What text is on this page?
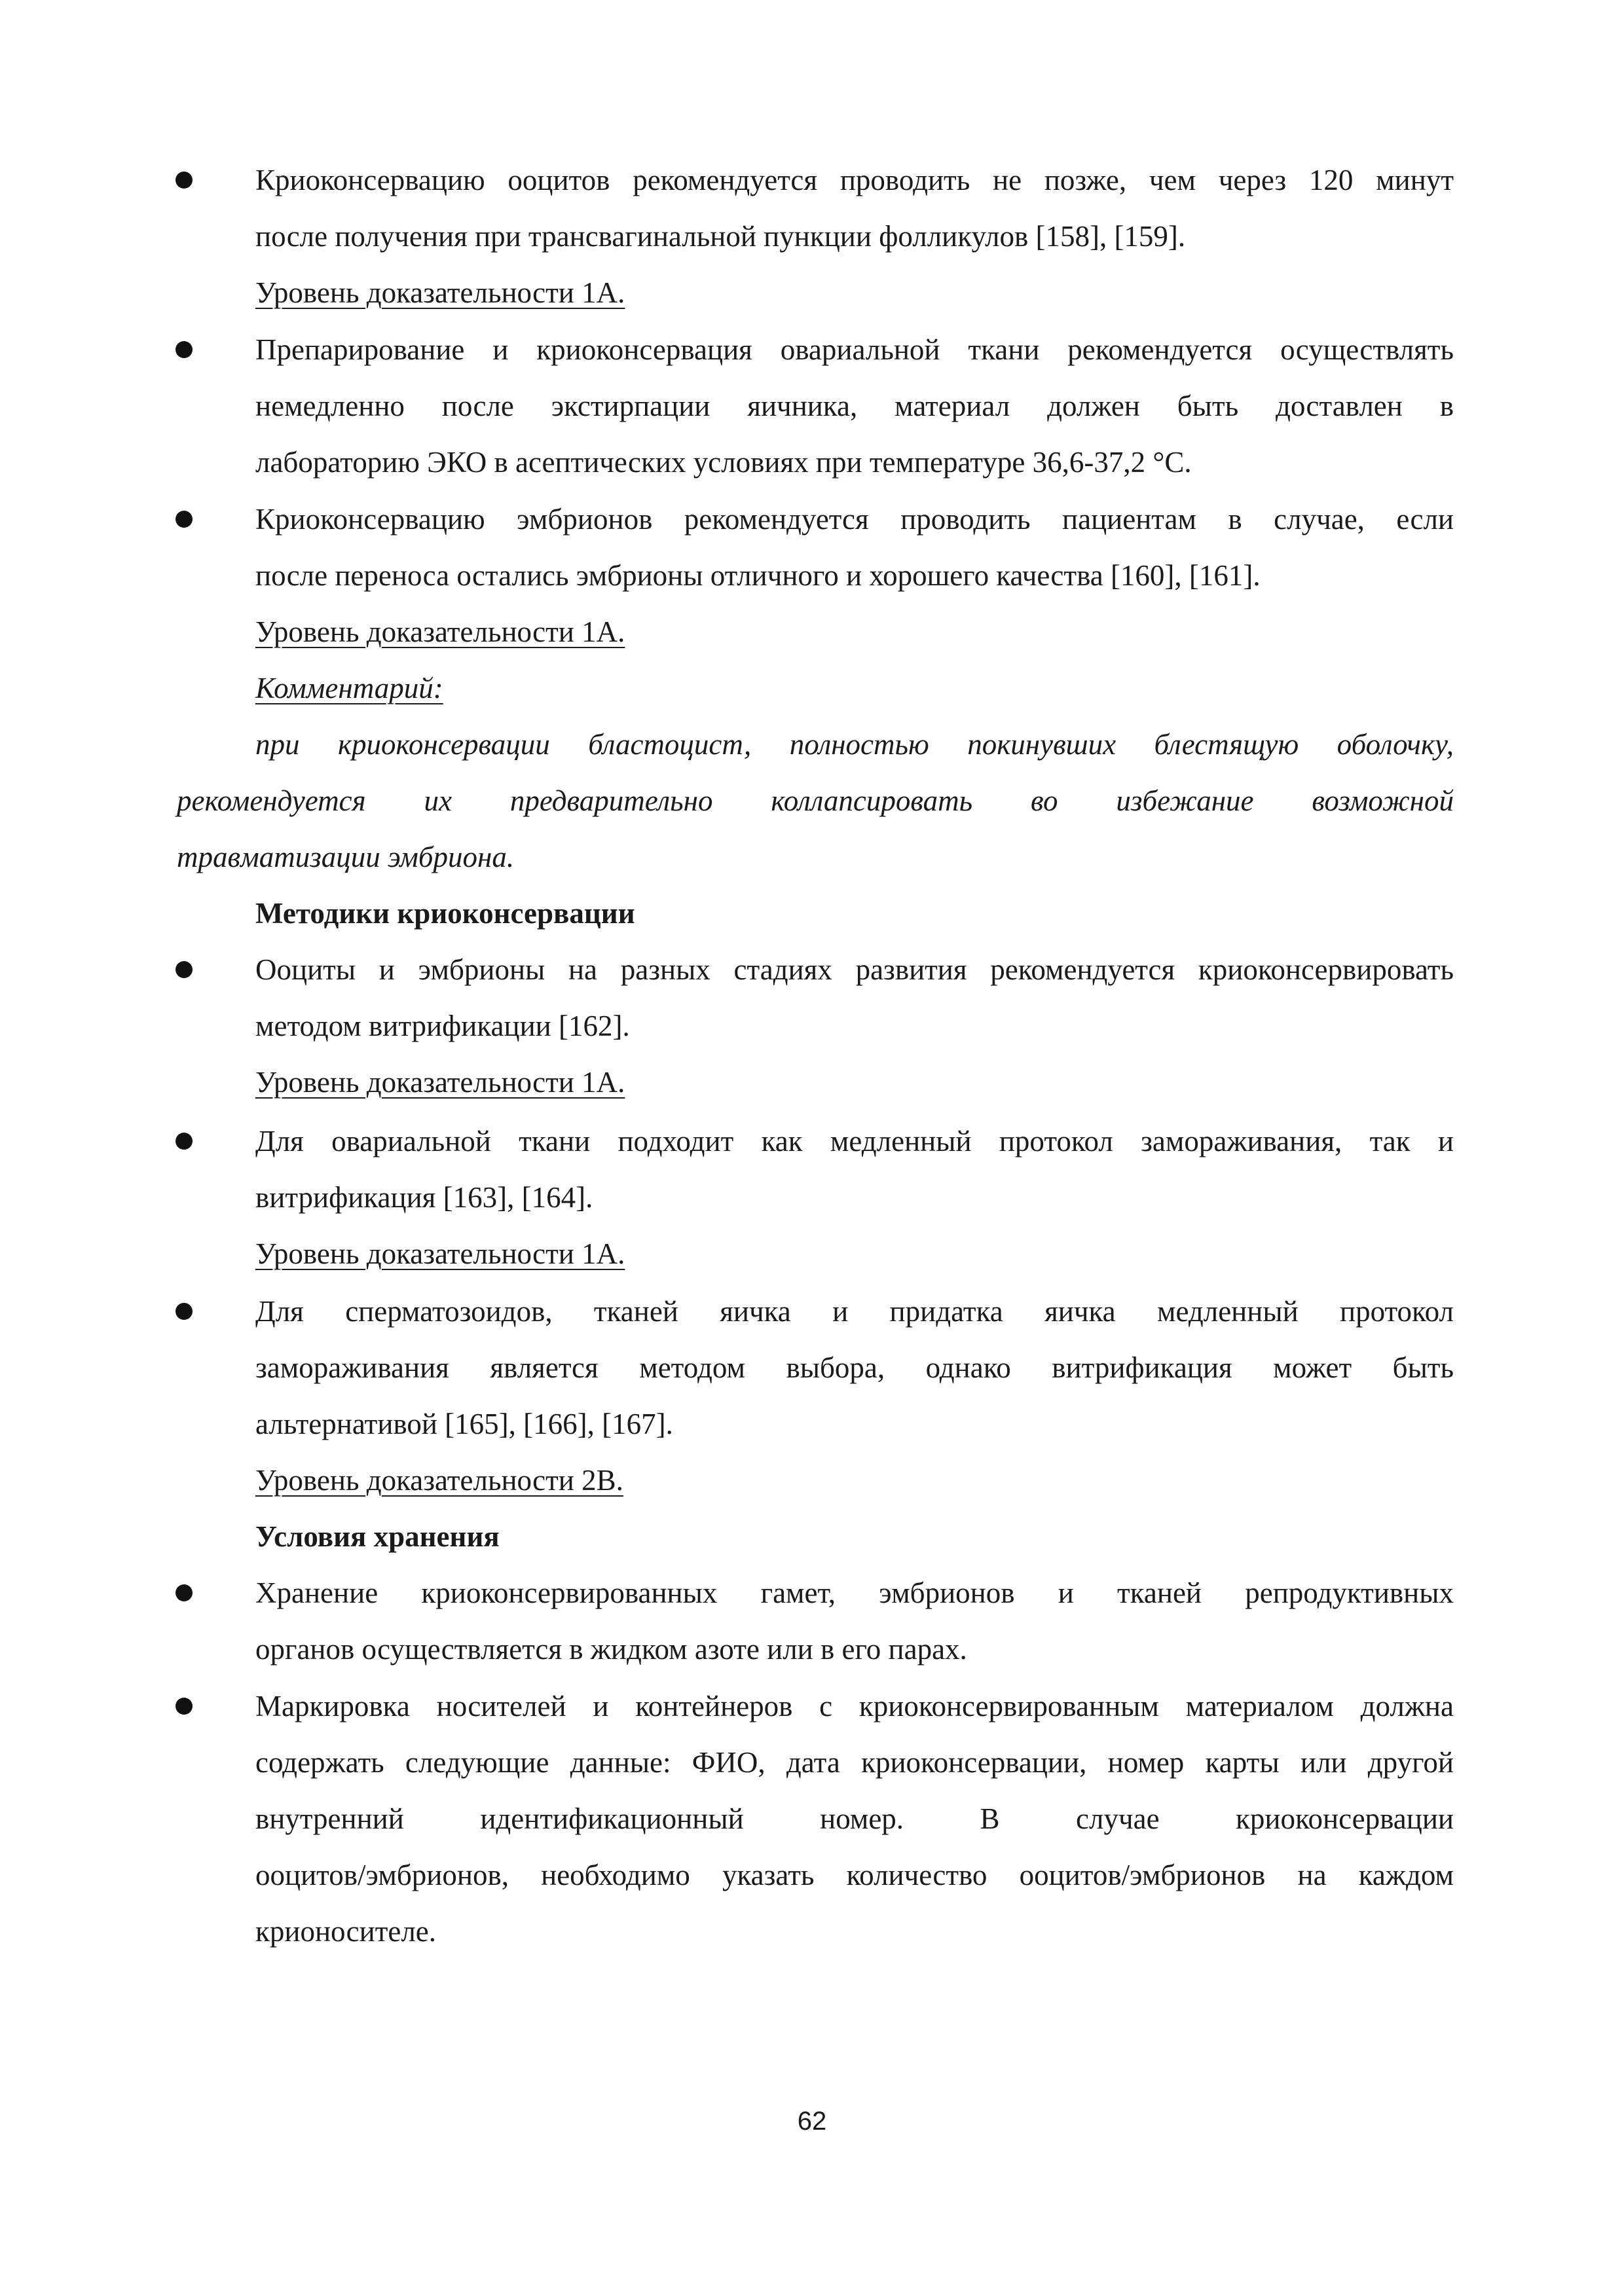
Криоконсервацию ооцитов рекомендуется проводить не позже, чем через 120 минут
после получения при трансвагинальной пункции фолликулов [158], [159].
Уровень доказательности 1А.
Препарирование и криоконсервация овариальной ткани рекомендуется осуществлять
немедленно после экстирпации яичника, материал должен быть доставлен в
лабораторию ЭКО в асептических условиях при температуре 36,6-37,2 °С.
Криоконсервацию эмбрионов рекомендуется проводить пациентам в случае, если
после переноса остались эмбрионы отличного и хорошего качества [160], [161].
Уровень доказательности 1А.
Комментарий:
при криоконсервации бластоцист, полностью покинувших блестящую оболочку,
рекомендуется их предварительно коллапсировать во избежание возможной
травматизации эмбриона.
Методики криоконсервации
Ооциты и эмбрионы на разных стадиях развития рекомендуется криоконсервировать
методом витрификации [162].
Уровень доказательности 1А.
Для овариальной ткани подходит как медленный протокол замораживания, так и
витрификация [163], [164].
Уровень доказательности 1А.
Для сперматозоидов, тканей яичка и придатка яичка медленный протокол
замораживания является методом выбора, однако витрификация может быть
альтернативой [165], [166], [167].
Уровень доказательности 2В.
Условия хранения
Хранение криоконсервированных гамет, эмбрионов и тканей репродуктивных
органов осуществляется в жидком азоте или в его парах.
Маркировка носителей и контейнеров с криоконсервированным материалом должна
содержать следующие данные: ФИО, дата криоконсервации, номер карты или другой
внутренний идентификационный номер. В случае криоконсервации
ооцитов/эмбрионов, необходимо указать количество ооцитов/эмбрионов на каждом
крионосителе.
62
